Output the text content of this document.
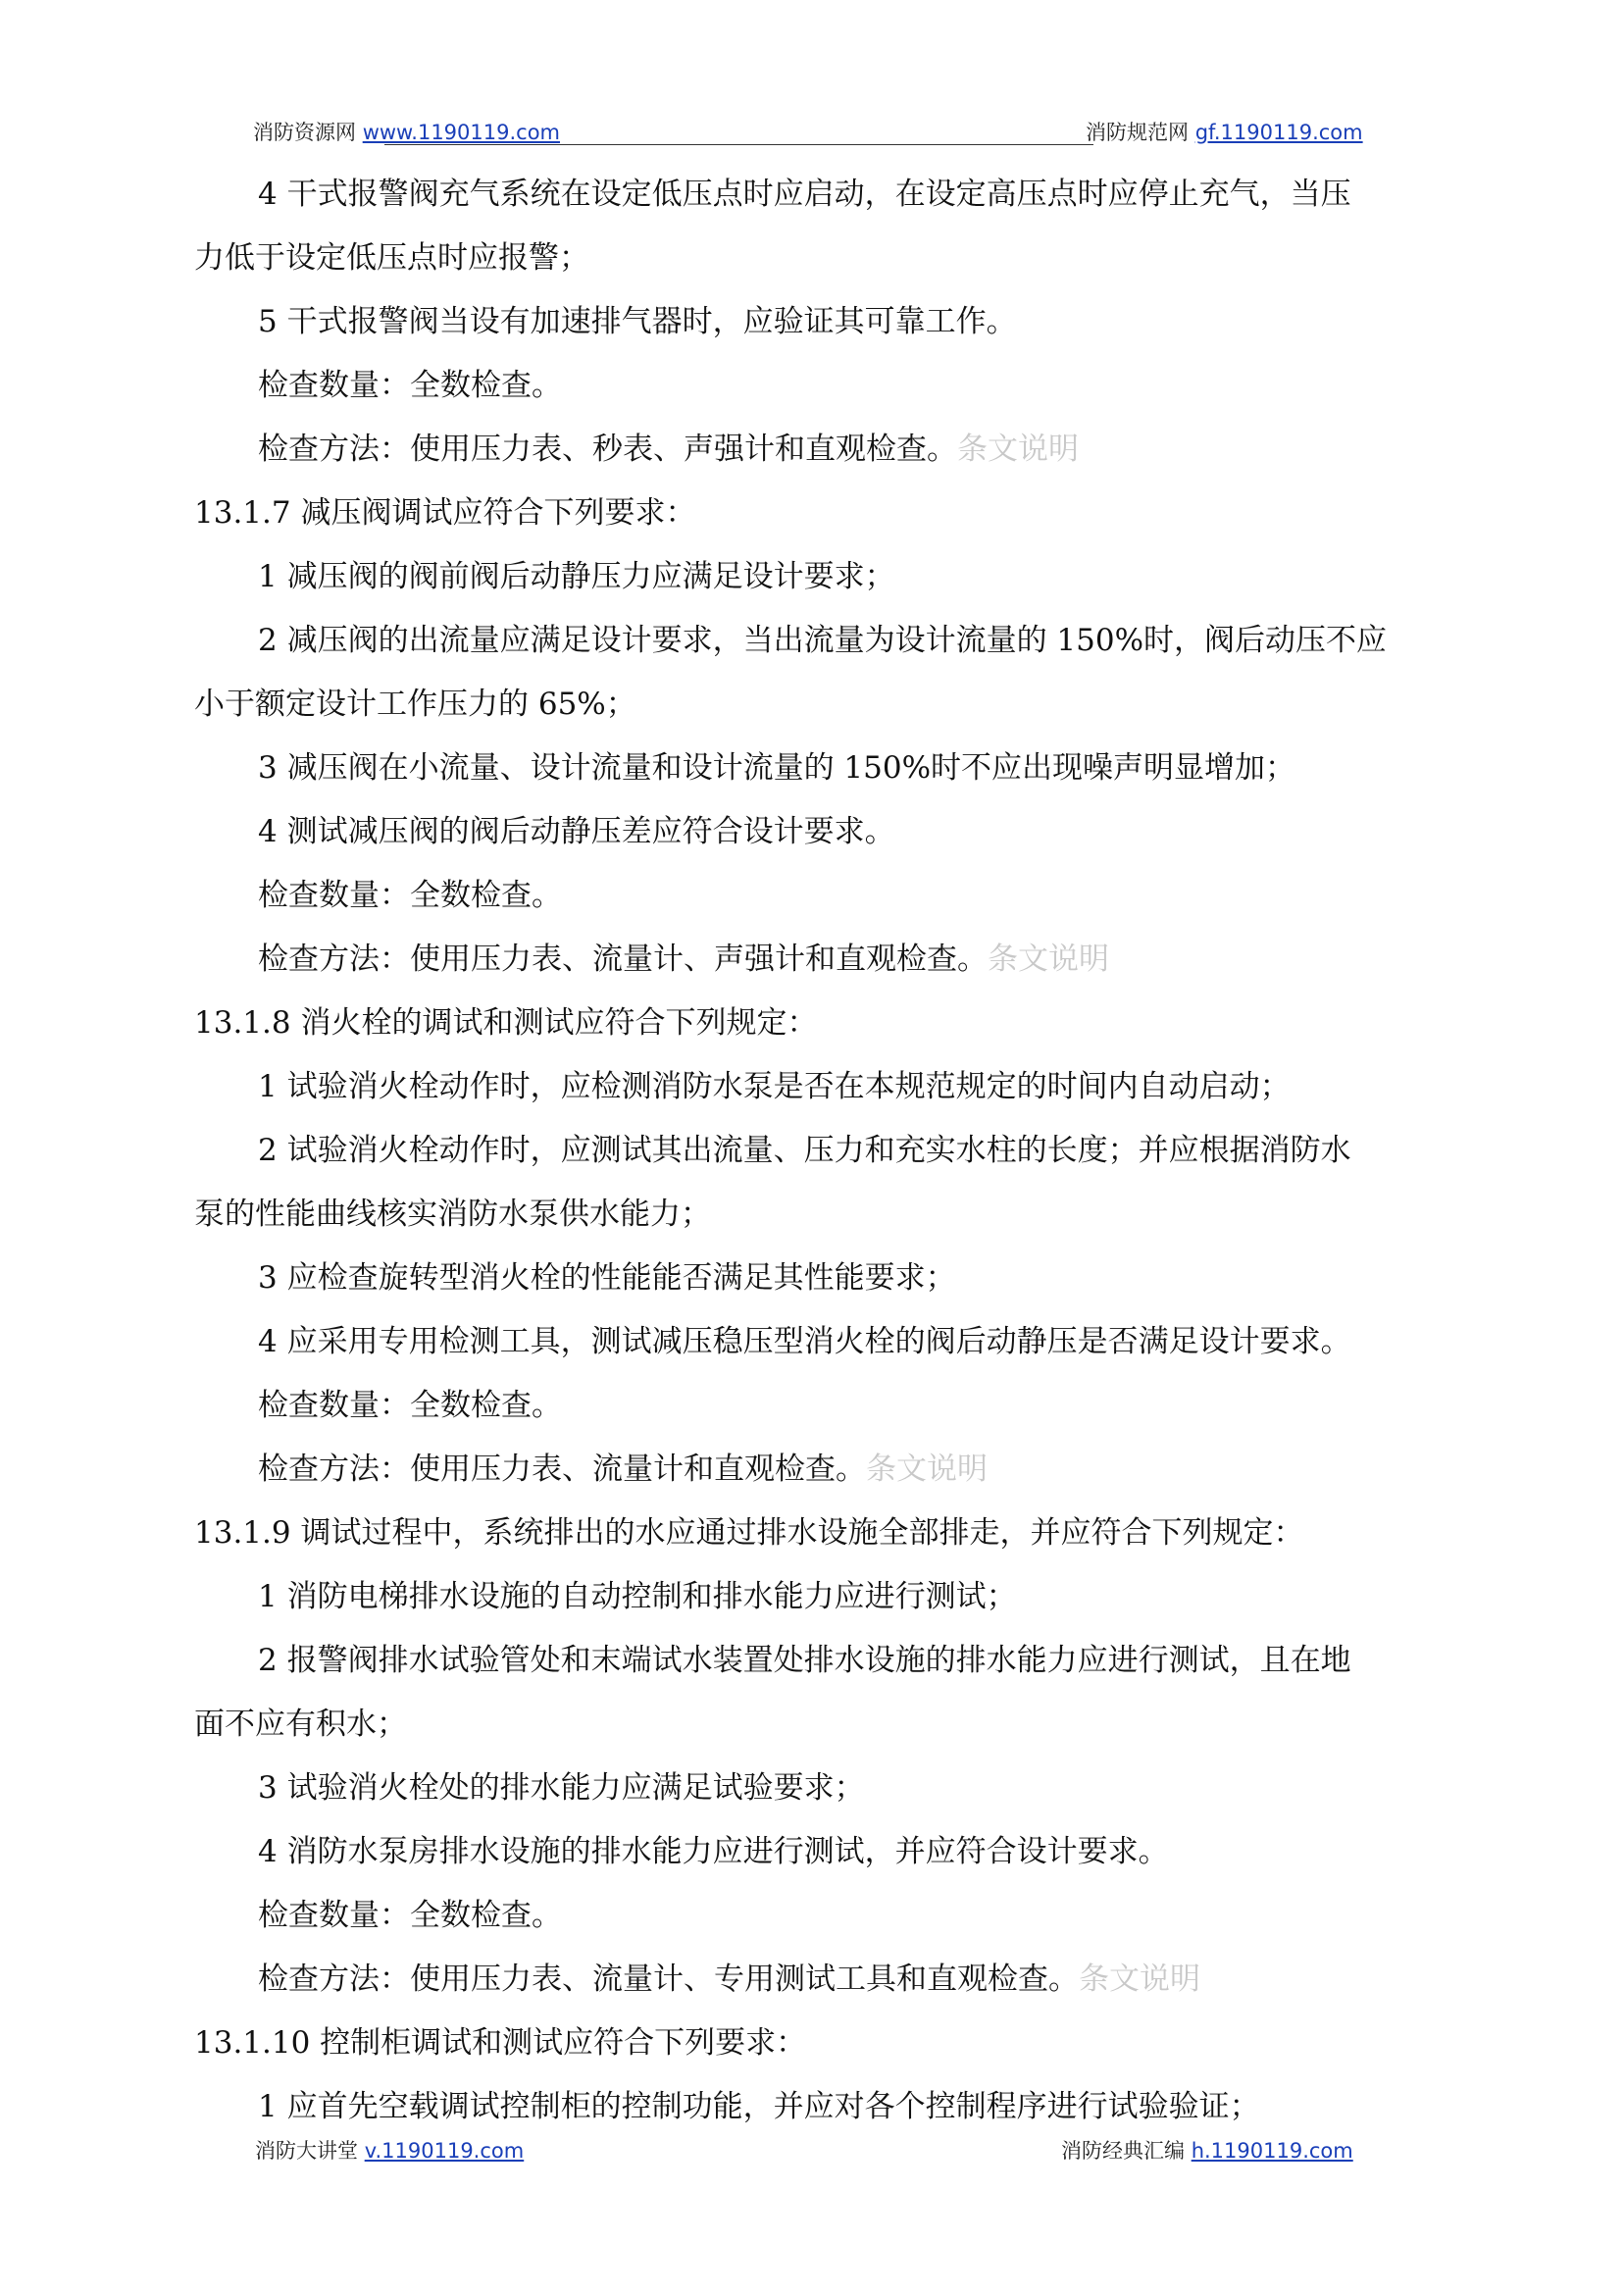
消防资源网 www.1190119.com	消防规范网 gf.1190119.com
4 干式报警阀充气系统在设定低压点时应启动，在设定高压点时应停止充气，当压
力低于设定低压点时应报警；
5 干式报警阀当设有加速排气器时，应验证其可靠工作。
检查数量：全数检查。
检查方法：使用压力表、秒表、声强计和直观检查。条文说明
13.1.7 减压阀调试应符合下列要求：
1 减压阀的阀前阀后动静压力应满足设计要求；
2 减压阀的出流量应满足设计要求，当出流量为设计流量的 150%时，阀后动压不应
小于额定设计工作压力的 65%；
3 减压阀在小流量、设计流量和设计流量的 150%时不应出现噪声明显增加；
4 测试减压阀的阀后动静压差应符合设计要求。
检查数量：全数检查。
检查方法：使用压力表、流量计、声强计和直观检查。条文说明
13.1.8 消火栓的调试和测试应符合下列规定：
1 试验消火栓动作时，应检测消防水泵是否在本规范规定的时间内自动启动；
2 试验消火栓动作时，应测试其出流量、压力和充实水柱的长度；并应根据消防水
泵的性能曲线核实消防水泵供水能力；
3 应检查旋转型消火栓的性能能否满足其性能要求；
4 应采用专用检测工具，测试减压稳压型消火栓的阀后动静压是否满足设计要求。
检查数量：全数检查。
检查方法：使用压力表、流量计和直观检查。条文说明
13.1.9 调试过程中，系统排出的水应通过排水设施全部排走，并应符合下列规定：
1 消防电梯排水设施的自动控制和排水能力应进行测试；
2 报警阀排水试验管处和末端试水装置处排水设施的排水能力应进行测试，且在地
面不应有积水；
3 试验消火栓处的排水能力应满足试验要求；
4 消防水泵房排水设施的排水能力应进行测试，并应符合设计要求。
检查数量：全数检查。
检查方法：使用压力表、流量计、专用测试工具和直观检查。条文说明
13.1.10 控制柜调试和测试应符合下列要求：
1 应首先空载调试控制柜的控制功能，并应对各个控制程序进行试验验证；
消防大讲堂 v.1190119.com	消防经典汇编 h.1190119.com
